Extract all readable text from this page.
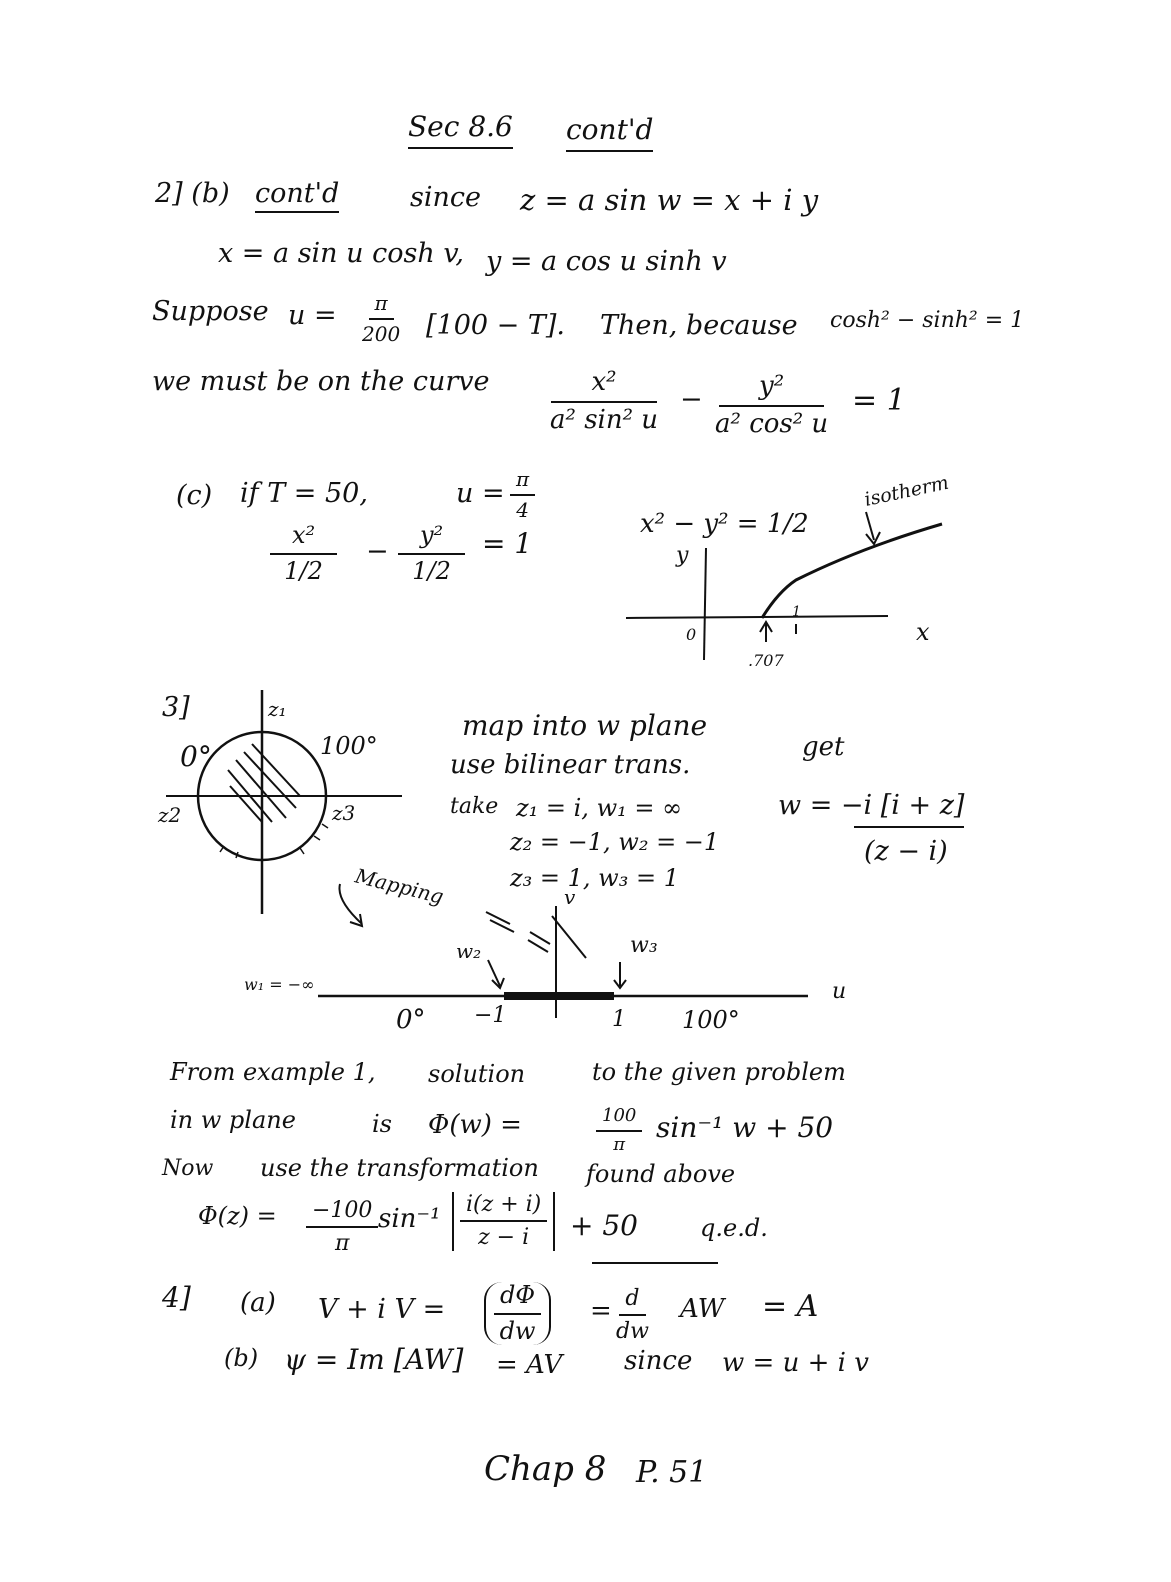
Sec 8.6 cont'd
2] (b) cont'd	since z = a sin w = x + i y
x = a sin u cosh v, y = a cos u sinh v
Suppose $u = \frac{\pi}{200} [100 - T]$. Then, because cosh² − sinh² = 1
we must be on the curve $\frac{\text{x²}}{\text{a² sin² u}} - \frac{\text{y²}}{\text{a² cos² u}} = 1$
(c) if T = 50,	$u = \frac{\pi}{4}$
$\frac{\text{x²}}{1/2} - \frac{\text{y²}}{1/2} = 1$
x² − y² = 1/2
y
x
0
1
.707
isotherm
3]	z₁
z2	z3
0°	100°
Mapping
map into w plane
use bilinear trans.
take z₁ = i, w₁ = ∞
z₂ = −1, w₂ = −1
z₃ = 1, w₃ = 1
get
w = −i [i + z]
(z − i)
w₁ = −∞
w₂	w₃
v
u
0° −1	1 100°
From example 1, solution	to the given problem
in w plane	is Φ(w) =	$\frac{100}{\pi} \sin^{-1}$ w + 50
Now use the transformation found above
$\Phi(z) = \frac{-100}{\pi} \sin^{-1} \frac{i(z + i)}{z - i} + 50$	q.e.d.
4] (a) V + i $V = \frac{d\Phi}{dw} = \frac{d}{dw}$ AW = A
(b) ψ = Im [AW] = AV since w = u + i v
Chap 8 P. 51
